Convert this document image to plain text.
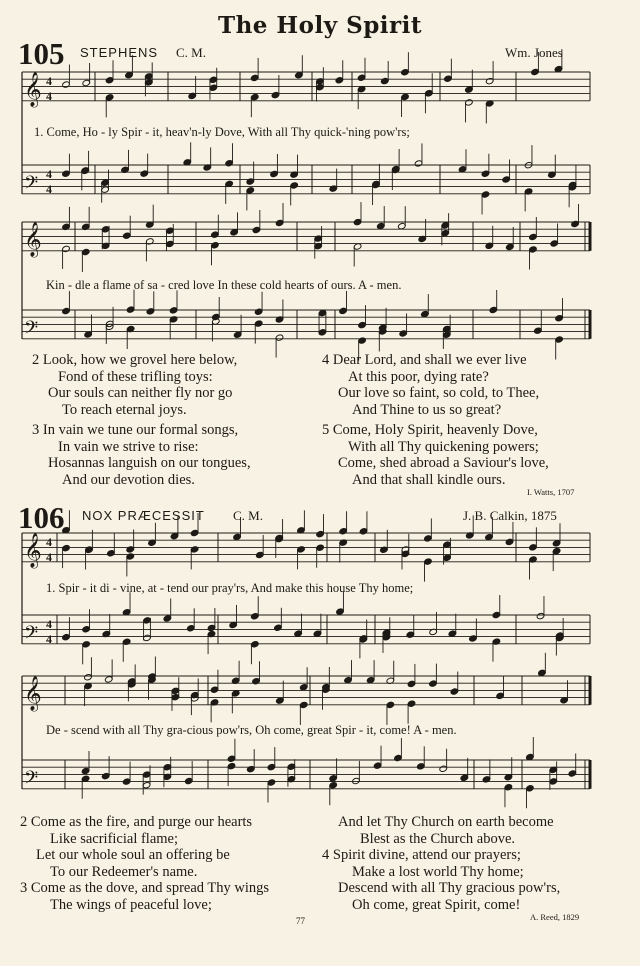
The Holy Spirit
105 STEPHENS C. M.	Wm. Jones
𝄞 4
4
𝄢 4
4
𝄞
𝄢
𝄞 4
4
𝄢 4
4
𝄞
𝄢
1. Come, Ho - ly Spir - it, heav'n-ly Dove, With all Thy quick-'ning pow'rs;
Kin - dle a flame of sa - cred love In these cold hearts of ours. A - men.
2 Look, how we grovel here below,
Fond of these trifling toys:
Our souls can neither fly nor go
To reach eternal joys.
3 In vain we tune our formal songs,
In vain we strive to rise:
Hosannas languish on our tongues,
And our devotion dies.
4 Dear Lord, and shall we ever live
At this poor, dying rate?
Our love so faint, so cold, to Thee,
And Thine to us so great?
5 Come, Holy Spirit, heavenly Dove,
With all Thy quickening powers;
Come, shed abroad a Saviour's love,
And that shall kindle ours.
I. Watts, 1707
106 NOX PRÆCESSIT C. M.	J. B. Calkin, 1875
1. Spir - it di - vine, at - tend our pray'rs, And make this house Thy home;
De - scend with all Thy gra-cious pow'rs, Oh come, great Spir - it, come! A - men.
2 Come as the fire, and purge our hearts
Like sacrificial flame;
Let our whole soul an offering be
To our Redeemer's name.
3 Come as the dove, and spread Thy wings
The wings of peaceful love;
And let Thy Church on earth become
Blest as the Church above.
4 Spirit divine, attend our prayers;
Make a lost world Thy home;
Descend with all Thy gracious pow'rs,
Oh come, great Spirit, come!
A. Reed, 1829
77
